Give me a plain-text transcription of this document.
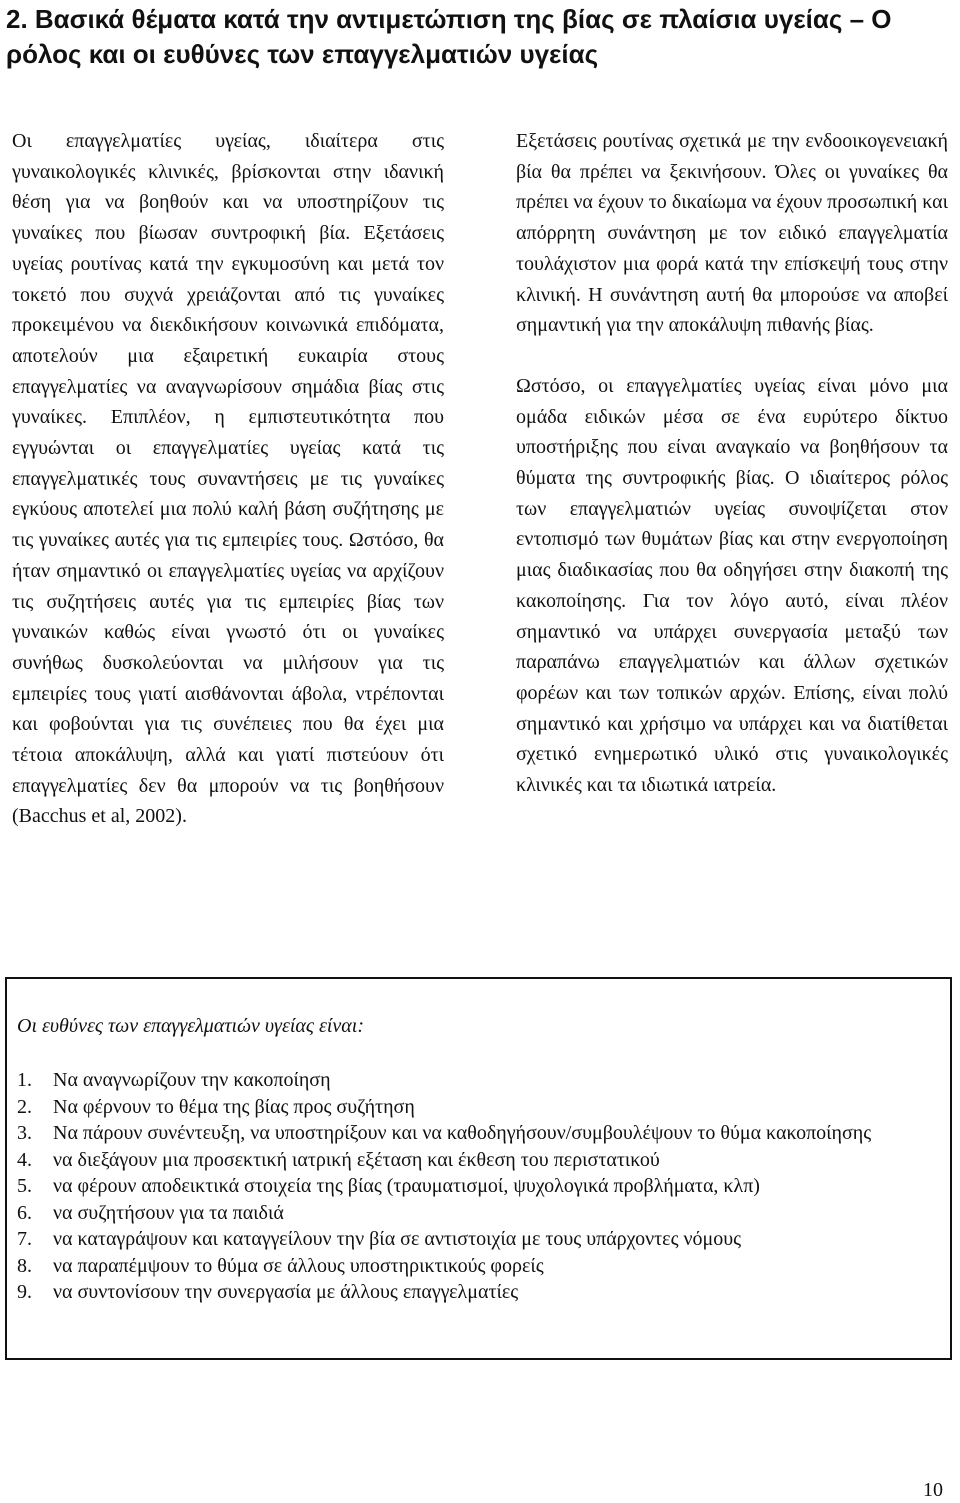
2. Βασικά θέματα κατά την αντιμετώπιση της βίας σε πλαίσια υγείας – Ο ρόλος και οι ευθύνες των επαγγελματιών υγείας

Οι επαγγελματίες υγείας, ιδιαίτερα στις γυναικολογικές κλινικές, βρίσκονται στην ιδανική θέση για να βοηθούν και να υποστηρίζουν τις γυναίκες που βίωσαν συντροφική βία. Εξετάσεις υγείας ρουτίνας κατά την εγκυμοσύνη και μετά τον τοκετό που συχνά χρειάζονται από τις γυναίκες προκειμένου να διεκδικήσουν κοινωνικά επιδόματα, αποτελούν μια εξαιρετική ευκαιρία στους επαγγελματίες να αναγνωρίσουν σημάδια βίας στις γυναίκες. Επιπλέον, η εμπιστευτικότητα που εγγυώνται οι επαγγελματίες υγείας κατά τις επαγγελματικές τους συναντήσεις με τις γυναίκες εγκύους αποτελεί μια πολύ καλή βάση συζήτησης με τις γυναίκες αυτές για τις εμπειρίες τους. Ωστόσο, θα ήταν σημαντικό οι επαγγελματίες υγείας να αρχίζουν τις συζητήσεις αυτές για τις εμπειρίες βίας των γυναικών καθώς είναι γνωστό ότι οι γυναίκες συνήθως δυσκολεύονται να μιλήσουν για τις εμπειρίες τους γιατί αισθάνονται άβολα, ντρέπονται και φοβούνται για τις συνέπειες που θα έχει μια τέτοια αποκάλυψη, αλλά και γιατί πιστεύουν ότι επαγγελματίες δεν θα μπορούν να τις βοηθήσουν (Bacchus et al, 2002).

Εξετάσεις ρουτίνας σχετικά με την ενδοοικογενειακή βία θα πρέπει να ξεκινήσουν. Όλες οι γυναίκες θα πρέπει να έχουν το δικαίωμα να έχουν προσωπική και απόρρητη συνάντηση με τον ειδικό επαγγελματία τουλάχιστον μια φορά κατά την επίσκεψή τους στην κλινική. Η συνάντηση αυτή θα μπορούσε να αποβεί σημαντική για την αποκάλυψη πιθανής βίας.

Ωστόσο, οι επαγγελματίες υγείας είναι μόνο μια ομάδα ειδικών μέσα σε ένα ευρύτερο δίκτυο υποστήριξης που είναι αναγκαίο να βοηθήσουν τα θύματα της συντροφικής βίας. Ο ιδιαίτερος ρόλος των επαγγελματιών υγείας συνοψίζεται στον εντοπισμό των θυμάτων βίας και στην ενεργοποίηση μιας διαδικασίας που θα οδηγήσει στην διακοπή της κακοποίησης. Για τον λόγο αυτό, είναι πλέον σημαντικό να υπάρχει συνεργασία μεταξύ των παραπάνω επαγγελματιών και άλλων σχετικών φορέων και των τοπικών αρχών. Επίσης, είναι πολύ σημαντικό και χρήσιμο να υπάρχει και να διατίθεται σχετικό ενημερωτικό υλικό στις γυναικολογικές κλινικές και τα ιδιωτικά ιατρεία.

Οι ευθύνες των επαγγελματιών υγείας είναι:

1.	Να αναγνωρίζουν την κακοποίηση
2.	Να φέρνουν το θέμα της βίας προς συζήτηση
3.	Να πάρουν συνέντευξη, να υποστηρίξουν και να καθοδηγήσουν/συμβουλέψουν το θύμα κακοποίησης
4.	να διεξάγουν μια προσεκτική ιατρική εξέταση και έκθεση του περιστατικού
5.	να φέρουν αποδεικτικά στοιχεία της βίας (τραυματισμοί, ψυχολογικά προβλήματα, κλπ)
6.	να συζητήσουν για τα παιδιά
7.	να καταγράψουν και καταγγείλουν την βία σε αντιστοιχία με τους υπάρχοντες νόμους
8.	να παραπέμψουν το θύμα σε άλλους υποστηρικτικούς φορείς
9.	να συντονίσουν την συνεργασία με άλλους επαγγελματίες
10
